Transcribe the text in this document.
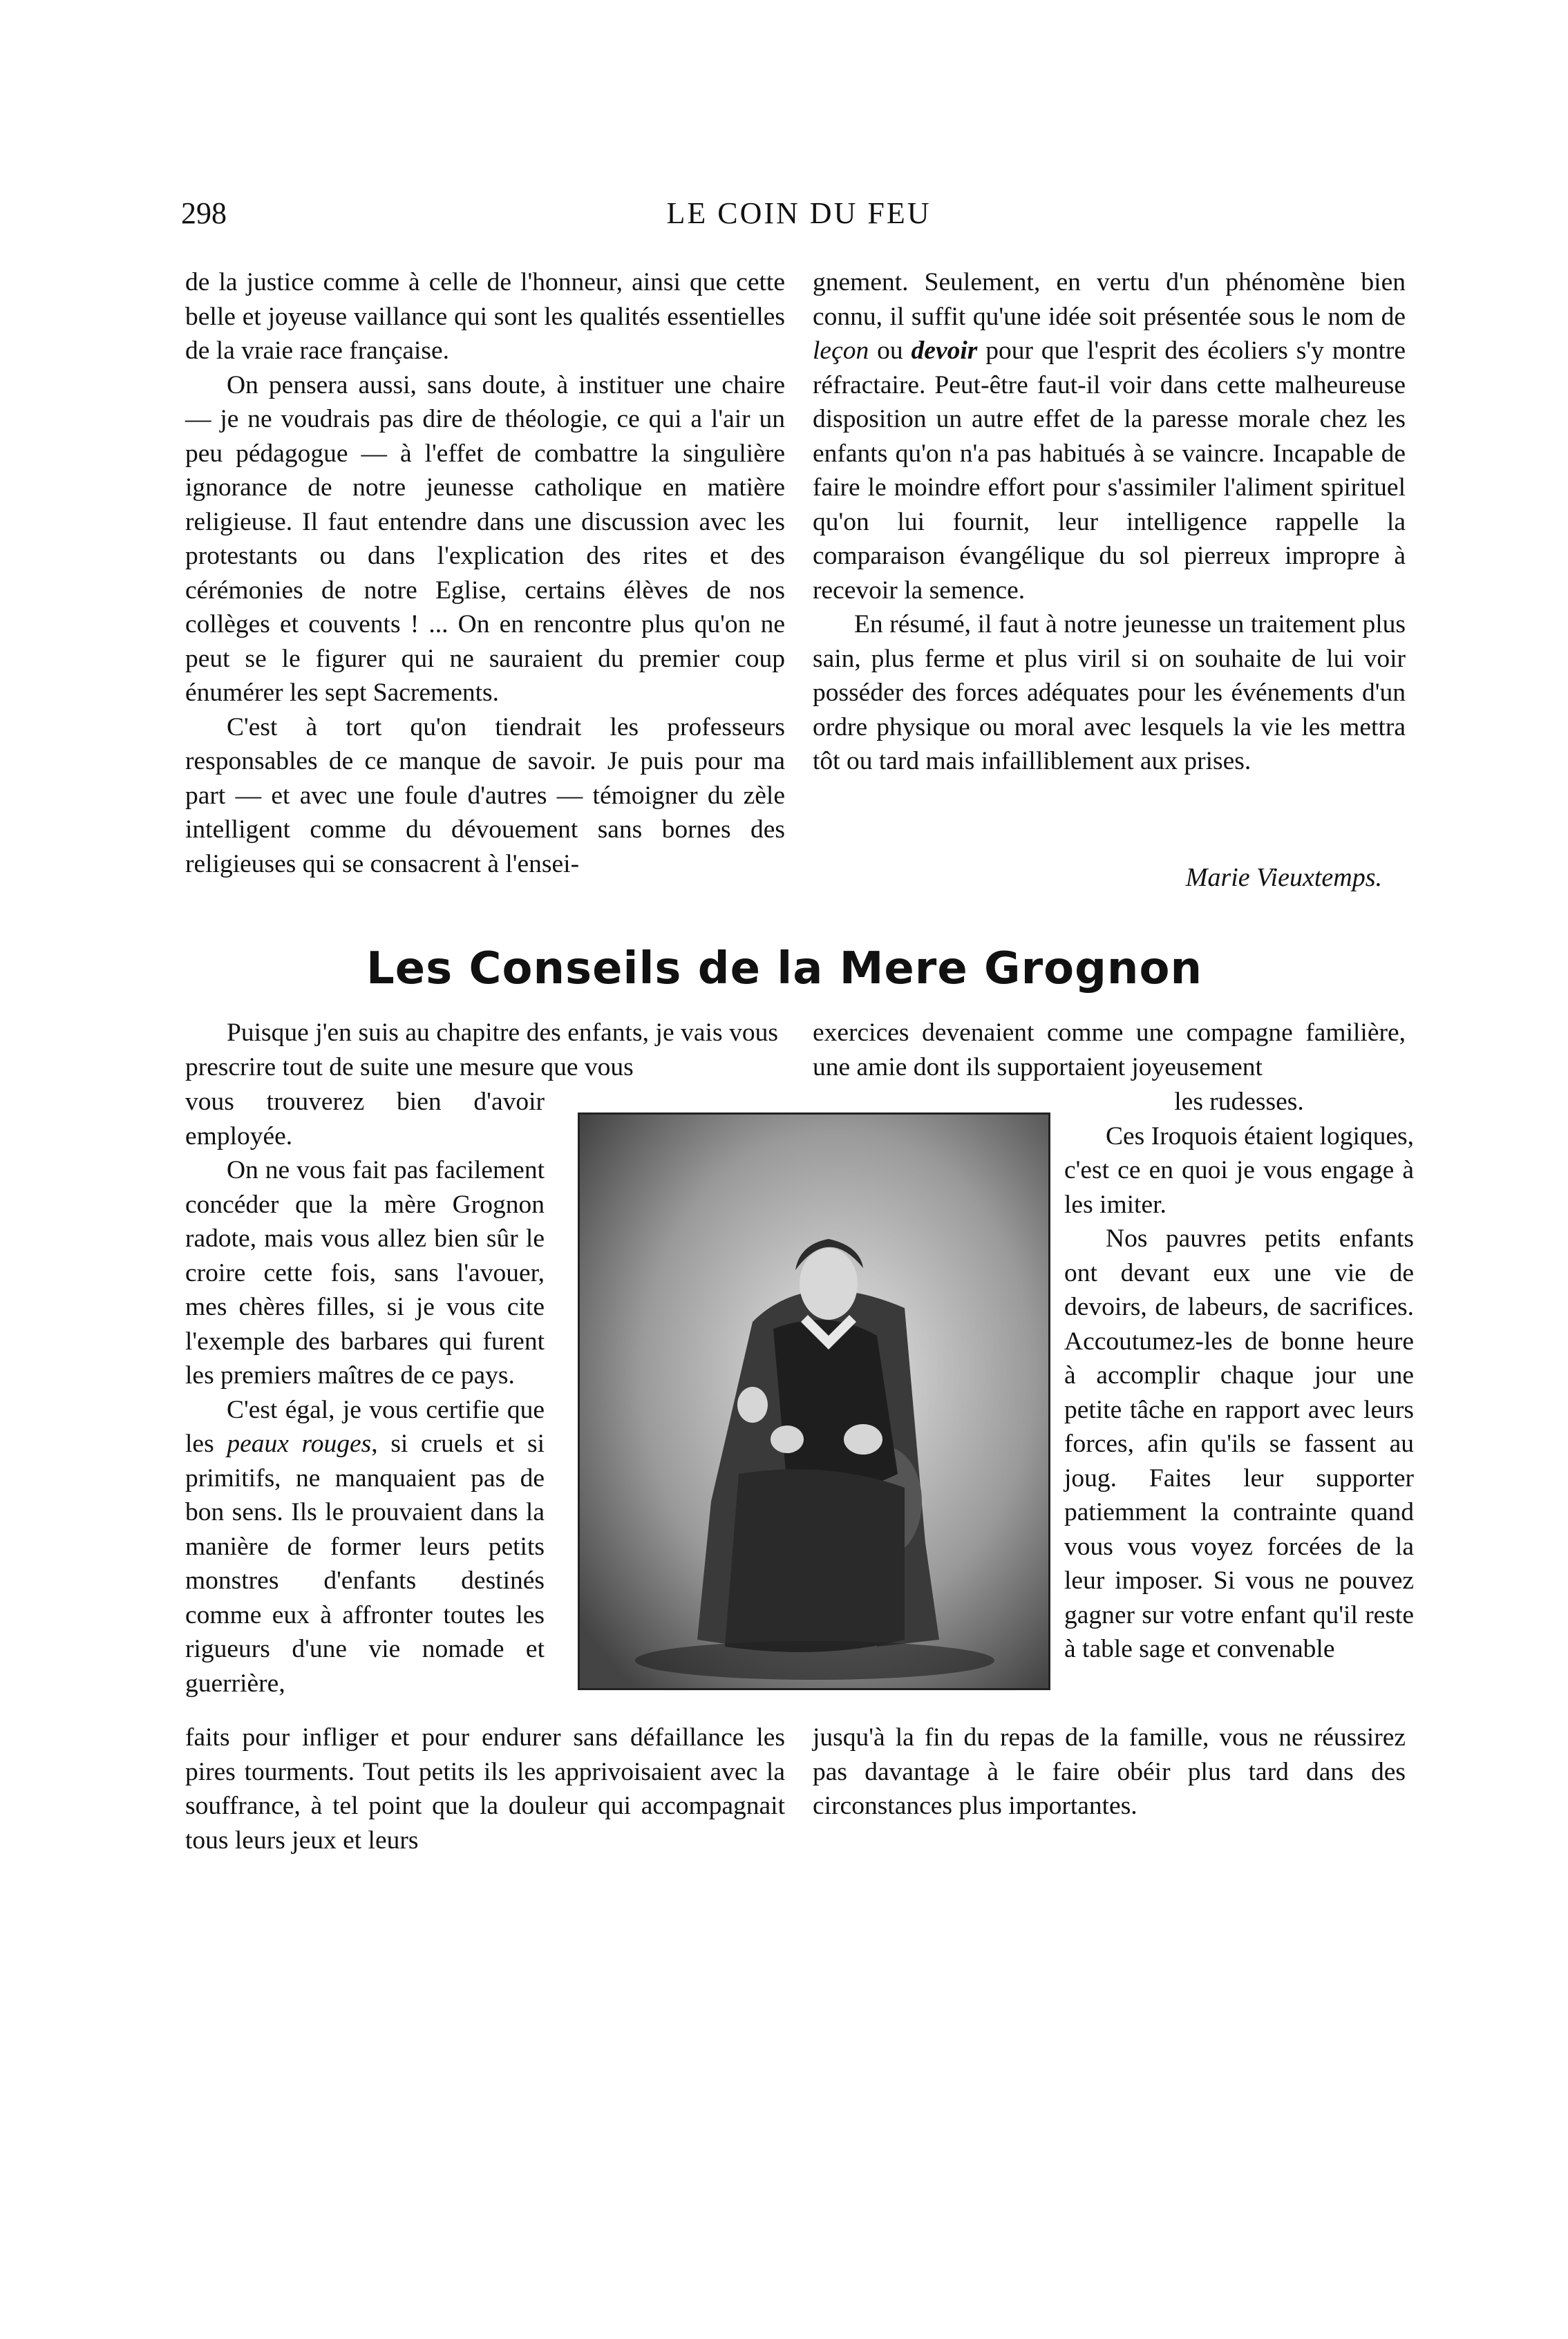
298	LE COIN DU FEU

de la justice comme à celle de l'honneur, ainsi que cette belle et joyeuse vaillance qui sont les qualités essentielles de la vraie race française.

On pensera aussi, sans doute, à instituer une chaire — je ne voudrais pas dire de théologie, ce qui a l'air un peu pédagogue — à l'effet de combattre la singulière ignorance de notre jeunesse catholique en matière religieuse. Il faut entendre dans une discussion avec les protestants ou dans l'explication des rites et des cérémonies de notre Eglise, certains élèves de nos collèges et couvents ! ... On en rencontre plus qu'on ne peut se le figurer qui ne sauraient du premier coup énumérer les sept Sacrements.

C'est à tort qu'on tiendrait les professeurs responsables de ce manque de savoir. Je puis pour ma part — et avec une foule d'autres — témoigner du zèle intelligent comme du dévouement sans bornes des religieuses qui se consacrent à l'ensei-

gnement. Seulement, en vertu d'un phénomène bien connu, il suffit qu'une idée soit présentée sous le nom de leçon ou devoir pour que l'esprit des écoliers s'y montre réfractaire. Peut-être faut-il voir dans cette malheureuse disposition un autre effet de la paresse morale chez les enfants qu'on n'a pas habitués à se vaincre. Incapable de faire le moindre effort pour s'assimiler l'aliment spirituel qu'on lui fournit, leur intelligence rappelle la comparaison évangélique du sol pierreux impropre à recevoir la semence.

En résumé, il faut à notre jeunesse un traitement plus sain, plus ferme et plus viril si on souhaite de lui voir posséder des forces adéquates pour les événements d'un ordre physique ou moral avec lesquels la vie les mettra tôt ou tard mais infailliblement aux prises.

Marie Vieuxtemps.
Les Conseils de la Mere Grognon

Puisque j'en suis au chapitre des enfants, je vais vous prescrire tout de suite une mesure que vous

vous trouverez bien d'avoir employée.

On ne vous fait pas facilement concéder que la mère Grognon radote, mais vous allez bien sûr le croire cette fois, sans l'avouer, mes chères filles, si je vous cite l'exemple des barbares qui furent les premiers maîtres de ce pays.

C'est égal, je vous certifie que les peaux rouges, si cruels et si primitifs, ne manquaient pas de bon sens. Ils le prouvaient dans la manière de former leurs petits monstres d'enfants destinés comme eux à affronter toutes les rigueurs d'une vie nomade et guerrière,

faits pour infliger et pour endurer sans défaillance les pires tourments. Tout petits ils les apprivoisaient avec la souffrance, à tel point que la douleur qui accompagnait tous leurs jeux et leurs

exercices devenaient comme une compagne familière, une amie dont ils supportaient joyeusement

les rudesses.

Ces Iroquois étaient logiques, c'est ce en quoi je vous engage à les imiter.

Nos pauvres petits enfants ont devant eux une vie de devoirs, de labeurs, de sacrifices. Accoutumez-les de bonne heure à accomplir chaque jour une petite tâche en rapport avec leurs forces, afin qu'ils se fassent au joug. Faites leur supporter patiemment la contrainte quand vous vous voyez forcées de la leur imposer. Si vous ne pouvez gagner sur votre enfant qu'il reste à table sage et convenable

jusqu'à la fin du repas de la famille, vous ne réussirez pas davantage à le faire obéir plus tard dans des circonstances plus importantes.
